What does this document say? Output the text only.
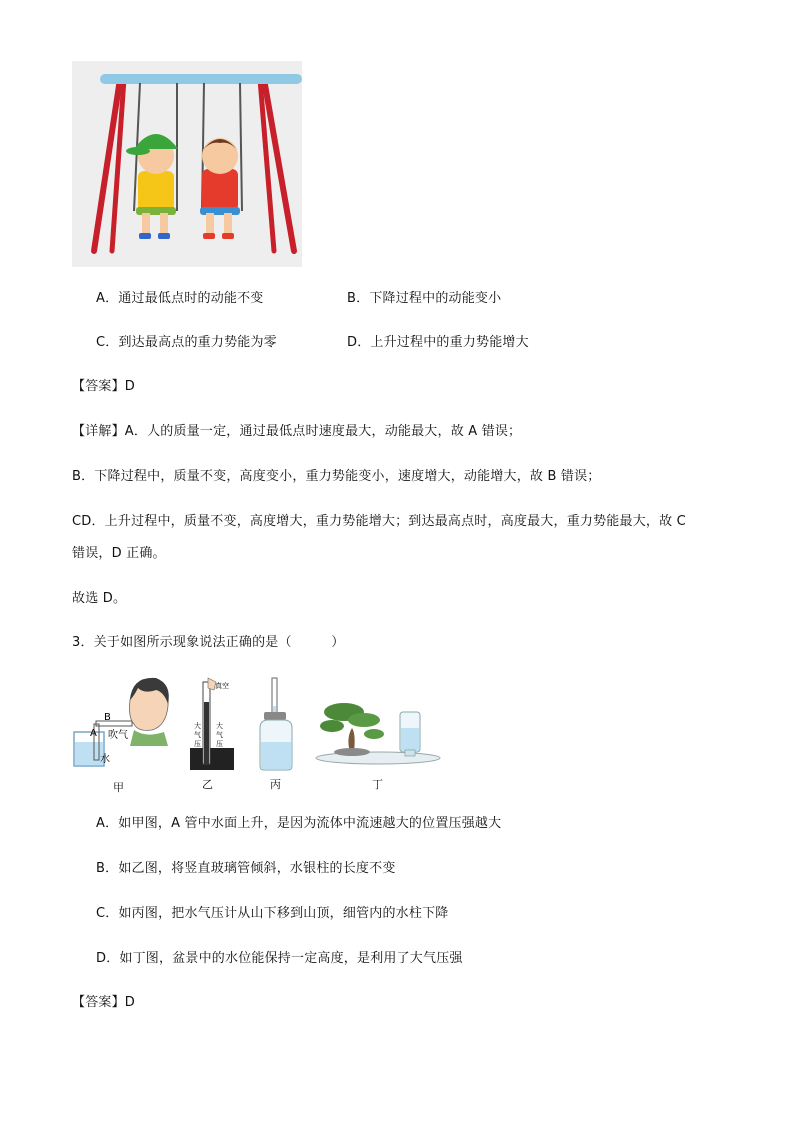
A．通过最低点时的动能不变	B．下降过程中的动能变小
C．到达最高点的重力势能为零	D．上升过程中的重力势能增大
【答案】D
【详解】A．人的质量一定，通过最低点时速度最大，动能最大，故 A 错误；
B．下降过程中，质量不变，高度变小，重力势能变小，速度增大，动能增大，故 B 错误；
CD．上升过程中，质量不变，高度增大，重力势能增大；到达最高点时，高度最大，重力势能最大，故 C
错误，D 正确。
故选 D。
3．关于如图所示现象说法正确的是（　　　）
B
A 吹气
水
甲
真空
大气压
大气压
乙	丙	丁
A．如甲图，A 管中水面上升，是因为流体中流速越大的位置压强越大
B．如乙图，将竖直玻璃管倾斜，水银柱的长度不变
C．如丙图，把水气压计从山下移到山顶，细管内的水柱下降
D．如丁图，盆景中的水位能保持一定高度，是利用了大气压强
【答案】D
